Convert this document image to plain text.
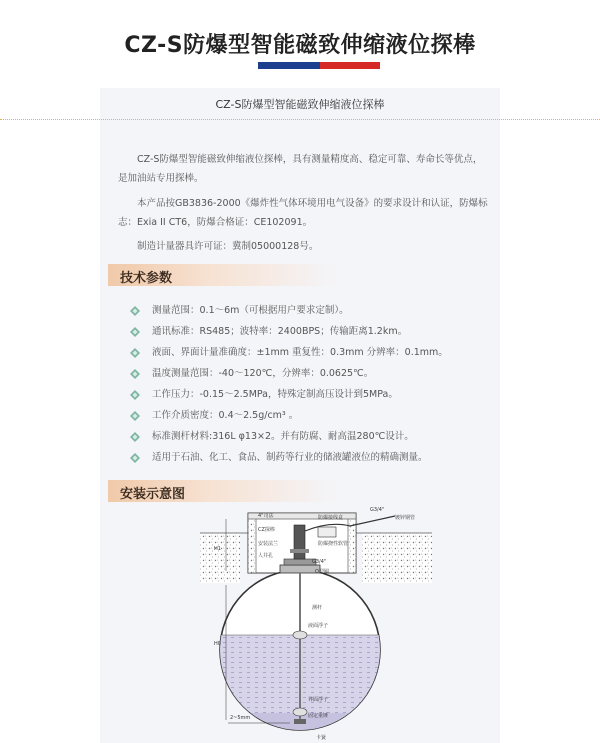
CZ-S防爆型智能磁致伸缩液位探棒
CZ-S防爆型智能磁致伸缩液位探棒

CZ-S防爆型智能磁致伸缩液位探棒，具有测量精度高、稳定可靠、寿命长等优点，是加油站专用探棒。

本产品按GB3836-2000《爆炸性气体环境用电气设备》的要求设计和认证，防爆标志：Exia II CT6，防爆合格证：CE102091。

制造计量器具许可证：冀制05000128号。

技术参数
测量范围：0.1～6m（可根据用户要求定制）。
通讯标准：RS485；波特率：2400BPS；传输距离1.2km。
液面、界面计量准确度：±1mm 重复性：0.3mm 分辨率：0.1mm。
温度测量范围：-40～120℃，分辨率：0.0625℃。
工作压力：-0.15～2.5MPa，特殊定制高压设计到5MPa。
工作介质密度：0.4～2.5g/cm³ 。
标准测杆材料:316L φ13×2。并有防腐、耐高温280℃设计。
适用于石油、化工、食品、制药等行业的储液罐液位的精确测量。
安装示意图
4"司法
CZ探棒
安装法兰
人井孔
防爆接线盒
防爆挠性软管
G3/4"
镀锌钢管
G3/4"
O型圈
测杆
液面浮子
界面浮子
固定重锤
H1
H0
2~5mm
卡簧
